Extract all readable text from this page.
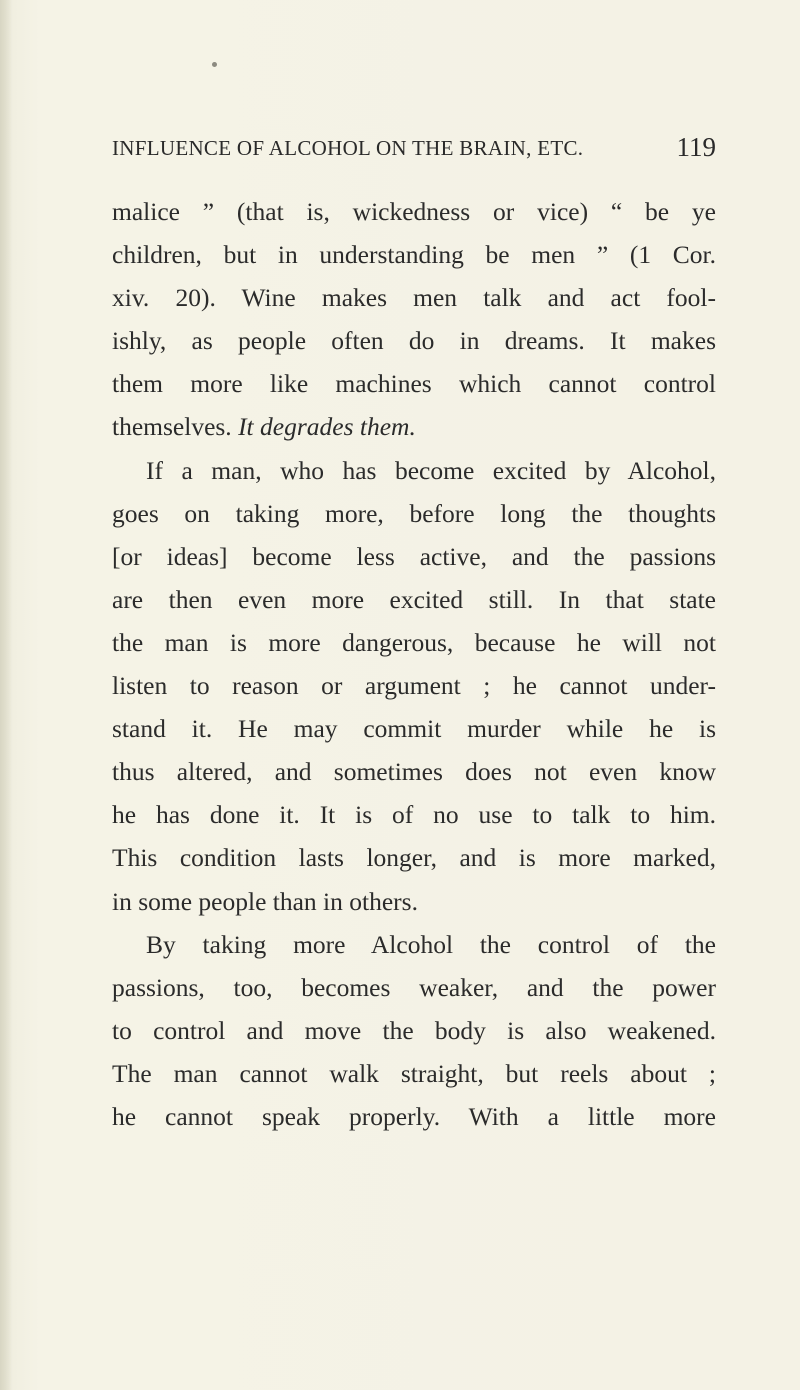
INFLUENCE OF ALCOHOL ON THE BRAIN, ETC.	119
malice ” (that is, wickedness or vice) “ be ye
children, but in understanding be men ” (1 Cor.
xiv. 20). Wine makes men talk and act fool-
ishly, as people often do in dreams. It makes
them more like machines which cannot control
themselves. It degrades them.
If a man, who has become excited by Alcohol,
goes on taking more, before long the thoughts
[or ideas] become less active, and the passions
are then even more excited still. In that state
the man is more dangerous, because he will not
listen to reason or argument ; he cannot under-
stand it. He may commit murder while he is
thus altered, and sometimes does not even know
he has done it. It is of no use to talk to him.
This condition lasts longer, and is more marked,
in some people than in others.
By taking more Alcohol the control of the
passions, too, becomes weaker, and the power
to control and move the body is also weakened.
The man cannot walk straight, but reels about ;
he cannot speak properly. With a little more
